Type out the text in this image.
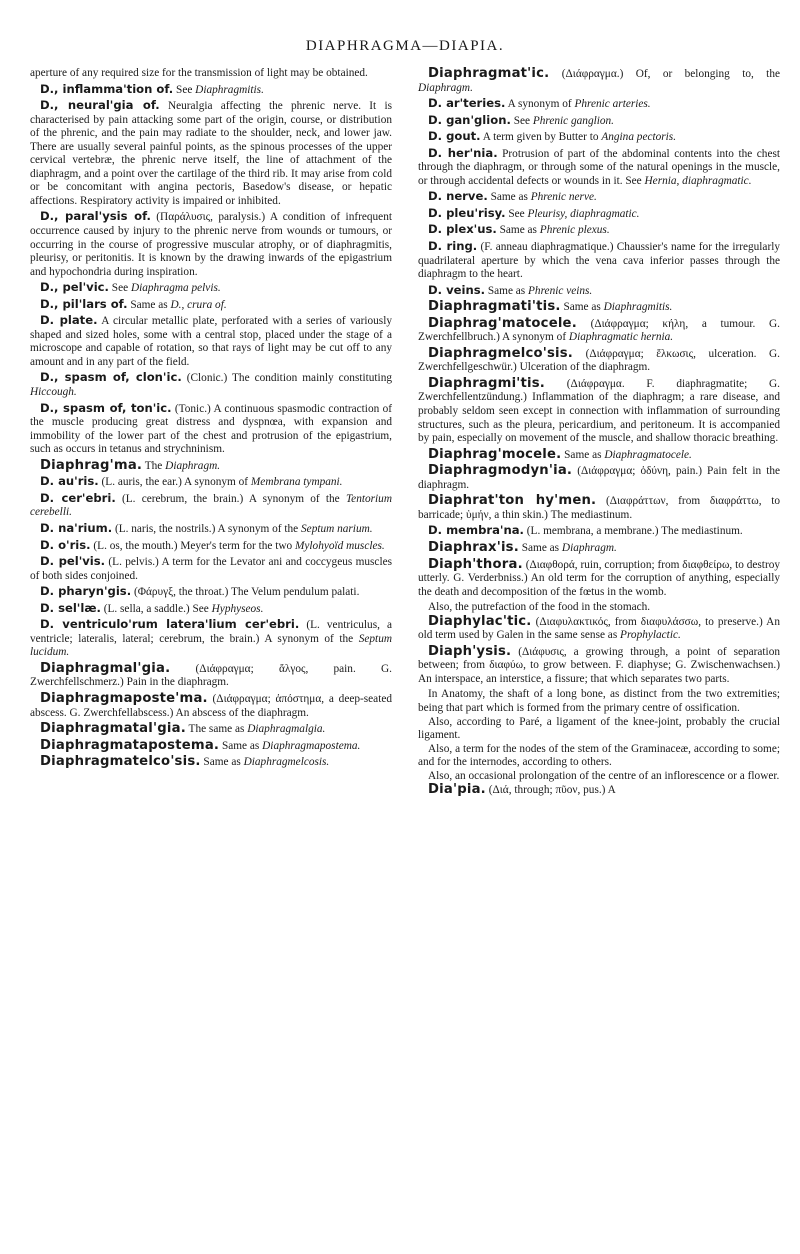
DIAPHRAGMA—DIAPIA.

aperture of any required size for the transmission of light may be obtained.

D., inflamma'tion of. See Diaphragmitis.

D., neural'gia of. Neuralgia affecting the phrenic nerve. It is characterised by pain attacking some part of the origin, course, or distribution of the phrenic, and the pain may radiate to the shoulder, neck, and lower jaw. There are usually several painful points, as the spinous processes of the upper cervical vertebræ, the phrenic nerve itself, the line of attachment of the diaphragm, and a point over the cartilage of the third rib. It may arise from cold or be concomitant with angina pectoris, Basedow's disease, or hepatic affections. Respiratory activity is impaired or inhibited.

D., paral'ysis of. (Παράλυσις, paralysis.) A condition of infrequent occurrence caused by injury to the phrenic nerve from wounds or tumours, or occurring in the course of progressive muscular atrophy, or of diaphragmitis, pleurisy, or peritonitis. It is known by the drawing inwards of the epigastrium and hypochondria during inspiration.

D., pel'vic. See Diaphragma pelvis.

D., pil'lars of. Same as D., crura of.

D. plate. A circular metallic plate, perforated with a series of variously shaped and sized holes, some with a central stop, placed under the stage of a microscope and capable of rotation, so that rays of light may be cut off to any amount and in any part of the field.

D., spasm of, clon'ic. (Clonic.) The condition mainly constituting Hiccough.

D., spasm of, ton'ic. (Tonic.) A continuous spasmodic contraction of the muscle producing great distress and dyspnœa, with expansion and immobility of the lower part of the chest and protrusion of the epigastrium, such as occurs in tetanus and strychninism.

Diaphrag'ma. The Diaphragm.

D. au'ris. (L. auris, the ear.) A synonym of Membrana tympani.

D. cer'ebri. (L. cerebrum, the brain.) A synonym of the Tentorium cerebelli.

D. na'rium. (L. naris, the nostrils.) A synonym of the Septum narium.

D. o'ris. (L. os, the mouth.) Meyer's term for the two Mylohyoïd muscles.

D. pel'vis. (L. pelvis.) A term for the Levator ani and coccygeus muscles of both sides conjoined.

D. pharyn'gis. (Φάρυγξ, the throat.) The Velum pendulum palati.

D. sel'læ. (L. sella, a saddle.) See Hyphyseos.

D. ventriculo'rum latera'lium cer'ebri. (L. ventriculus, a ventricle; lateralis, lateral; cerebrum, the brain.) A synonym of the Septum lucidum.

Diaphragmal'gia. (Διάφραγμα; ἄλγος, pain. G. Zwerchfellschmerz.) Pain in the diaphragm.

Diaphragmaposte'ma. (Διάφραγμα; ἀπόστημα, a deep-seated abscess. G. Zwerchfellabscess.) An abscess of the diaphragm.

Diaphragmatal'gia. The same as Diaphragmalgia.

Diaphragmatapostema. Same as Diaphragmapostema.

Diaphragmatelco'sis. Same as Diaphragmelcosis.

Diaphragmat'ic. (Διάφραγμα.) Of, or belonging to, the Diaphragm.

D. ar'teries. A synonym of Phrenic arteries.

D. gan'glion. See Phrenic ganglion.

D. gout. A term given by Butter to Angina pectoris.

D. her'nia. Protrusion of part of the abdominal contents into the chest through the diaphragm, or through some of the natural openings in the muscle, or through accidental defects or wounds in it. See Hernia, diaphragmatic.

D. nerve. Same as Phrenic nerve.

D. pleu'risy. See Pleurisy, diaphragmatic.

D. plex'us. Same as Phrenic plexus.

D. ring. (F. anneau diaphragmatique.) Chaussier's name for the irregularly quadrilateral aperture by which the vena cava inferior passes through the diaphragm to the heart.

D. veins. Same as Phrenic veins.

Diaphragmati'tis. Same as Diaphragmitis.

Diaphrag'matocele. (Διάφραγμα; κήλη, a tumour. G. Zwerchfellbruch.) A synonym of Diaphragmatic hernia.

Diaphragmelco'sis. (Διάφραγμα; ἕλκωσις, ulceration. G. Zwerchfellgeschwür.) Ulceration of the diaphragm.

Diaphragmi'tis. (Διάφραγμα. F. diaphragmatite; G. Zwerchfellentzündung.) Inflammation of the diaphragm; a rare disease, and probably seldom seen except in connection with inflammation of surrounding structures, such as the pleura, pericardium, and peritoneum. It is accompanied by pain, especially on movement of the muscle, and shallow thoracic breathing.

Diaphrag'mocele. Same as Diaphragmatocele.

Diaphragmodyn'ia. (Διάφραγμα; ὀδύνη, pain.) Pain felt in the diaphragm.

Diaphrat'ton hy'men. (Διαφράττων, from διαφράττω, to barricade; ὑμήν, a thin skin.) The mediastinum.

D. membra'na. (L. membrana, a membrane.) The mediastinum.

Diaphrax'is. Same as Diaphragm.

Diaph'thora. (Διαφθορά, ruin, corruption; from διαφθείρω, to destroy utterly. G. Verderbniss.) An old term for the corruption of anything, especially the death and decomposition of the fœtus in the womb.

Also, the putrefaction of the food in the stomach.

Diaphylac'tic. (Διαφυλακτικός, from διαφυλάσσω, to preserve.) An old term used by Galen in the same sense as Prophylactic.

Diaph'ysis. (Διάφυσις, a growing through, a point of separation between; from διαφύω, to grow between. F. diaphyse; G. Zwischenwachsen.) An interspace, an interstice, a fissure; that which separates two parts.

In Anatomy, the shaft of a long bone, as distinct from the two extremities; being that part which is formed from the primary centre of ossification.

Also, according to Paré, a ligament of the knee-joint, probably the crucial ligament.

Also, a term for the nodes of the stem of the Graminaceæ, according to some; and for the internodes, according to others.

Also, an occasional prolongation of the centre of an inflorescence or a flower.

Dia'pia. (Διά, through; πῦον, pus.) A
